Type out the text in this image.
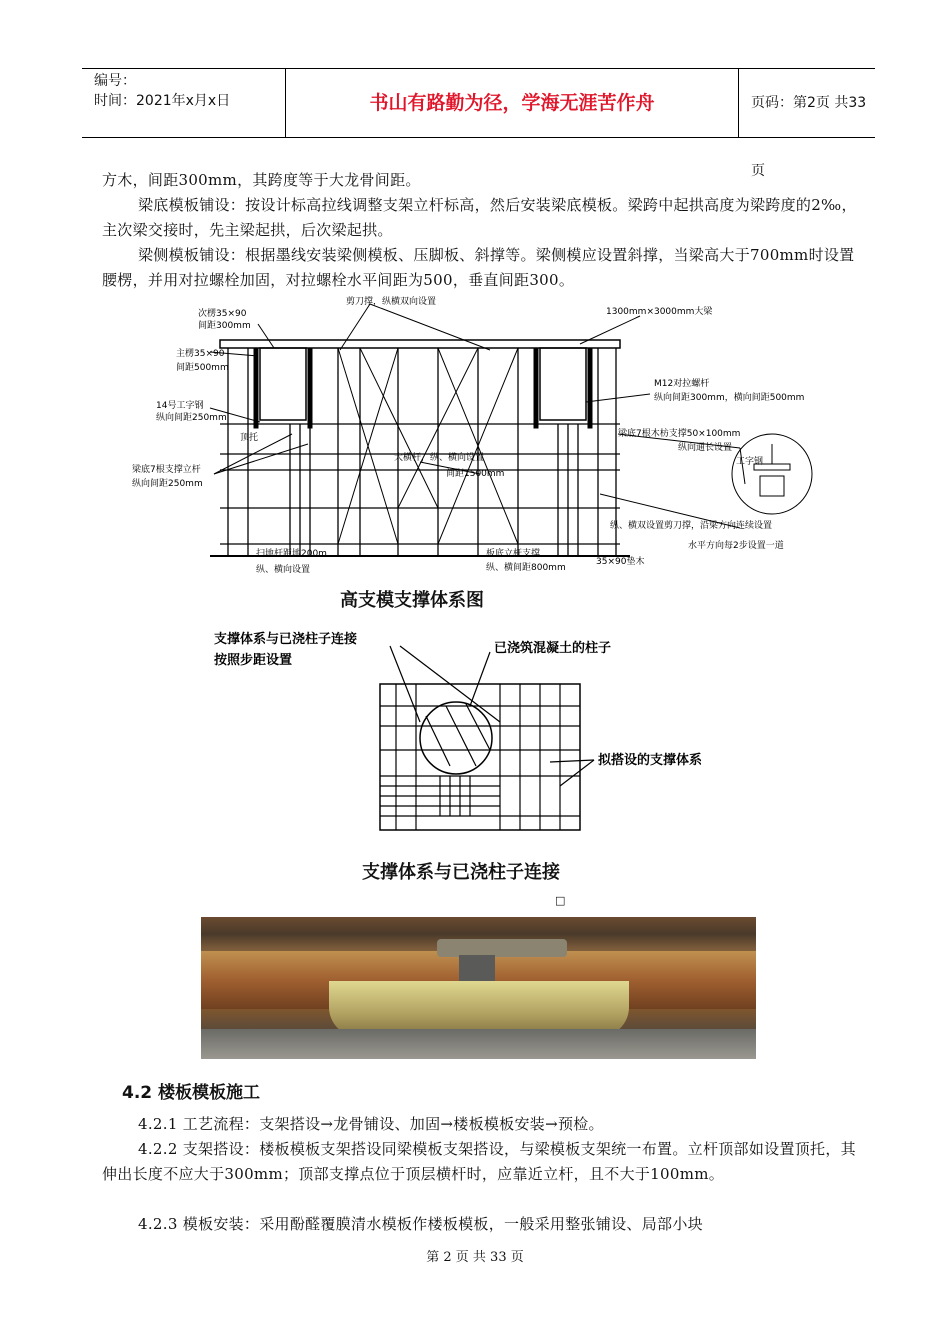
编号：
时间：2021年x月x日	书山有路勤为径，学海无涯苦作舟	页码：第2页 共33页
方木，间距300mm，其跨度等于大龙骨间距。
梁底模板铺设：按设计标高拉线调整支架立杆标高，然后安装梁底模板。梁跨中起拱高度为梁跨度的2‰，主次梁交接时，先主梁起拱，后次梁起拱。
梁侧模板铺设：根据墨线安装梁侧模板、压脚板、斜撑等。梁侧模应设置斜撑，当梁高大于700mm时设置腰楞，并用对拉螺栓加固，对拉螺栓水平间距为500，垂直间距300。
次楞35×90
间距300mm
剪刀撑，纵横双向设置
1300mm×3000mm大梁
主楞35×90
间距500mm
14号工字钢
纵向间距250mm
顶托
梁底7根支撑立杆
纵向间距250mm
大横杆，纵、横向设置
间距1500mm
M12对拉螺杆
纵向间距300mm，横向间距500mm
梁底7根木枋支撑50×100mm
纵向通长设置
工字钢
扫地杆距地200m
纵、横向设置
板底立杆支撑
纵、横间距800mm
35×90垫木
纵、横双设置剪刀撑，沿梁方向连续设置
水平方向每2步设置一道
高支模支撑体系图
支撑体系与已浇柱子连接
按照步距设置
已浇筑混凝土的柱子
拟搭设的支撑体系
支撑体系与已浇柱子连接
□
4.2 楼板模板施工
4.2.1 工艺流程：支架搭设→龙骨铺设、加固→楼板模板安装→预检。
4.2.2 支架搭设：楼板模板支架搭设同梁模板支架搭设，与梁模板支架统一布置。立杆顶部如设置顶托，其伸出长度不应大于300mm；顶部支撑点位于顶层横杆时，应靠近立杆，且不大于100mm。
4.2.3 模板安装：采用酚醛覆膜清水模板作楼板模板，一般采用整张铺设、局部小块
第 2 页 共 33 页
